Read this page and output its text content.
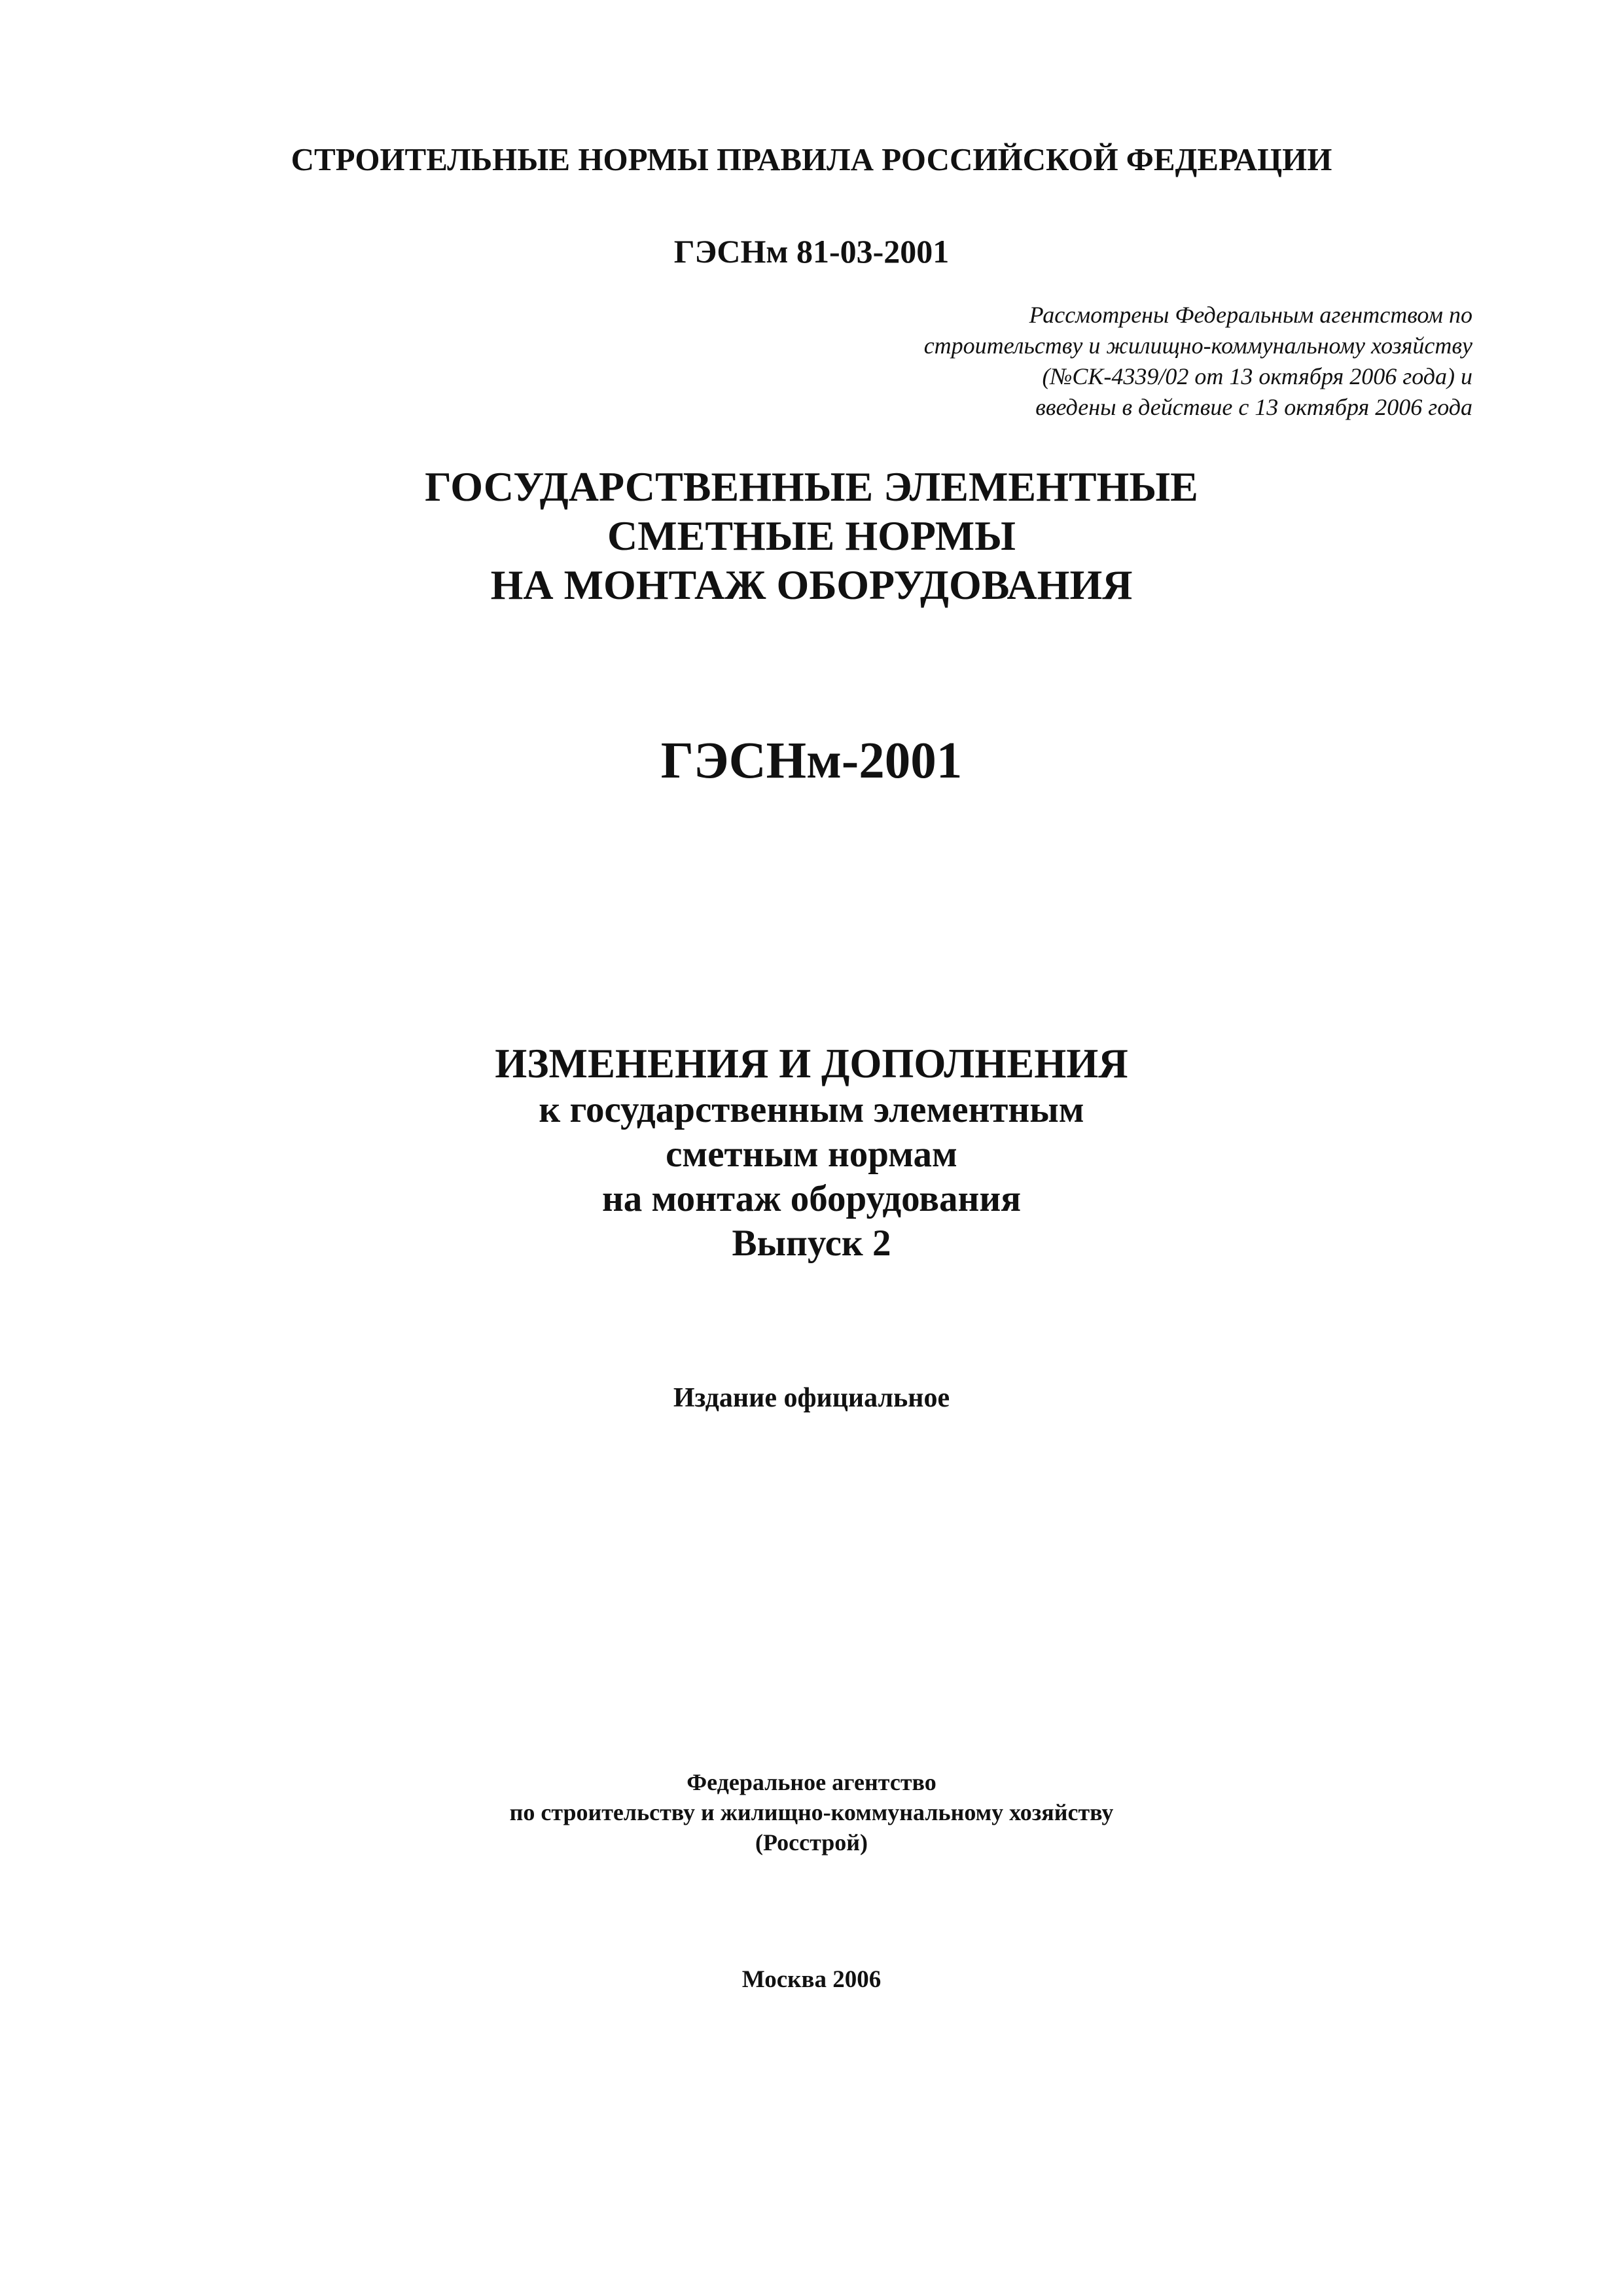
СТРОИТЕЛЬНЫЕ НОРМЫ ПРАВИЛА РОССИЙСКОЙ ФЕДЕРАЦИИ
ГЭСНм 81-03-2001
Рассмотрены Федеральным агентством по
строительству и жилищно-коммунальному хозяйству
(№СК-4339/02 от 13 октября 2006 года) и
введены в действие с 13 октября 2006 года
ГОСУДАРСТВЕННЫЕ ЭЛЕМЕНТНЫЕ
СМЕТНЫЕ НОРМЫ
НА МОНТАЖ ОБОРУДОВАНИЯ
ГЭСНм-2001
ИЗМЕНЕНИЯ И ДОПОЛНЕНИЯ
к государственным элементным
сметным нормам
на монтаж оборудования
Выпуск 2
Издание официальное
Федеральное агентство
по строительству и жилищно-коммунальному хозяйству
(Росстрой)
Москва 2006
